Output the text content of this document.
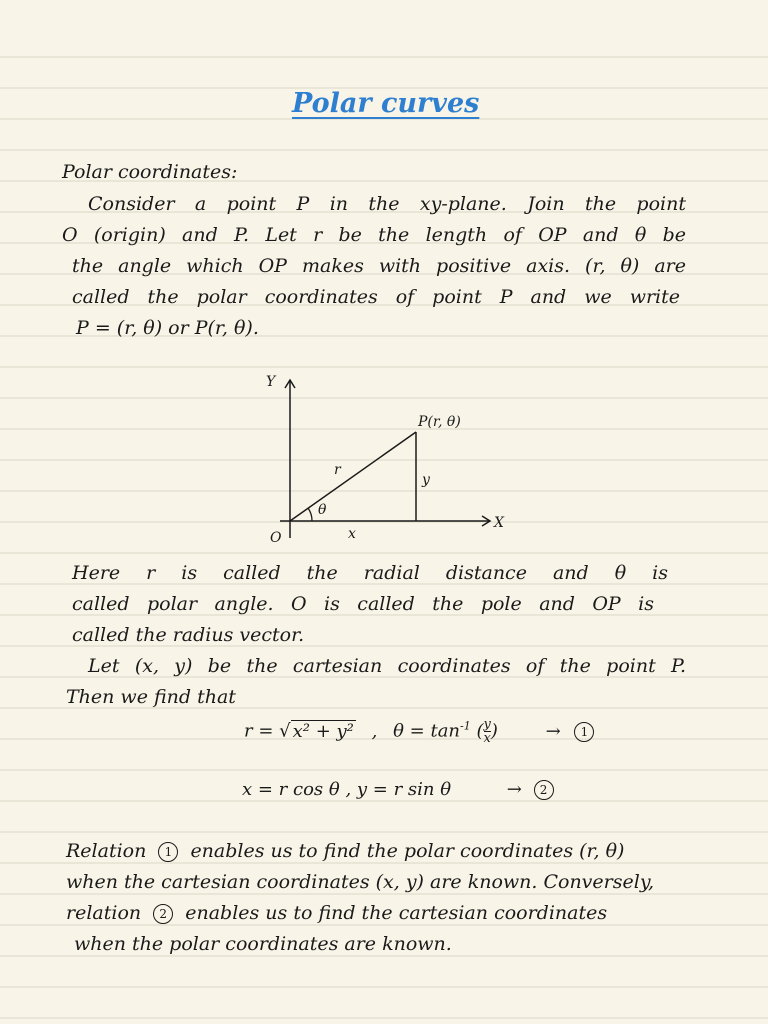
Polar curves
Polar coordinates:
Consider a point P in the xy-plane. Join the point
O (origin) and P. Let r be the length of OP and θ be
the angle which OP makes with positive axis. (r, θ) are
called the polar coordinates of point P and we write
P = (r, θ) or P(r, θ).
Y
X
O
P(r, θ)
r
y
x
θ
Here r is called the radial distance and θ is
called polar angle. O is called the pole and OP is
called the radius vector.
Let (x, y) be the cartesian coordinates of the point P.
Then we find that
r = √ x² + y² , $\theta = \tan^{-1}$ ( $\frac{y}{x}$ )	→ 1
x = r cos θ , y = r sin θ	→ 2
Relation 1 enables us to find the polar coordinates (r, θ)
when the cartesian coordinates (x, y) are known. Conversely,
relation 2 enables us to find the cartesian coordinates
when the polar coordinates are known.
